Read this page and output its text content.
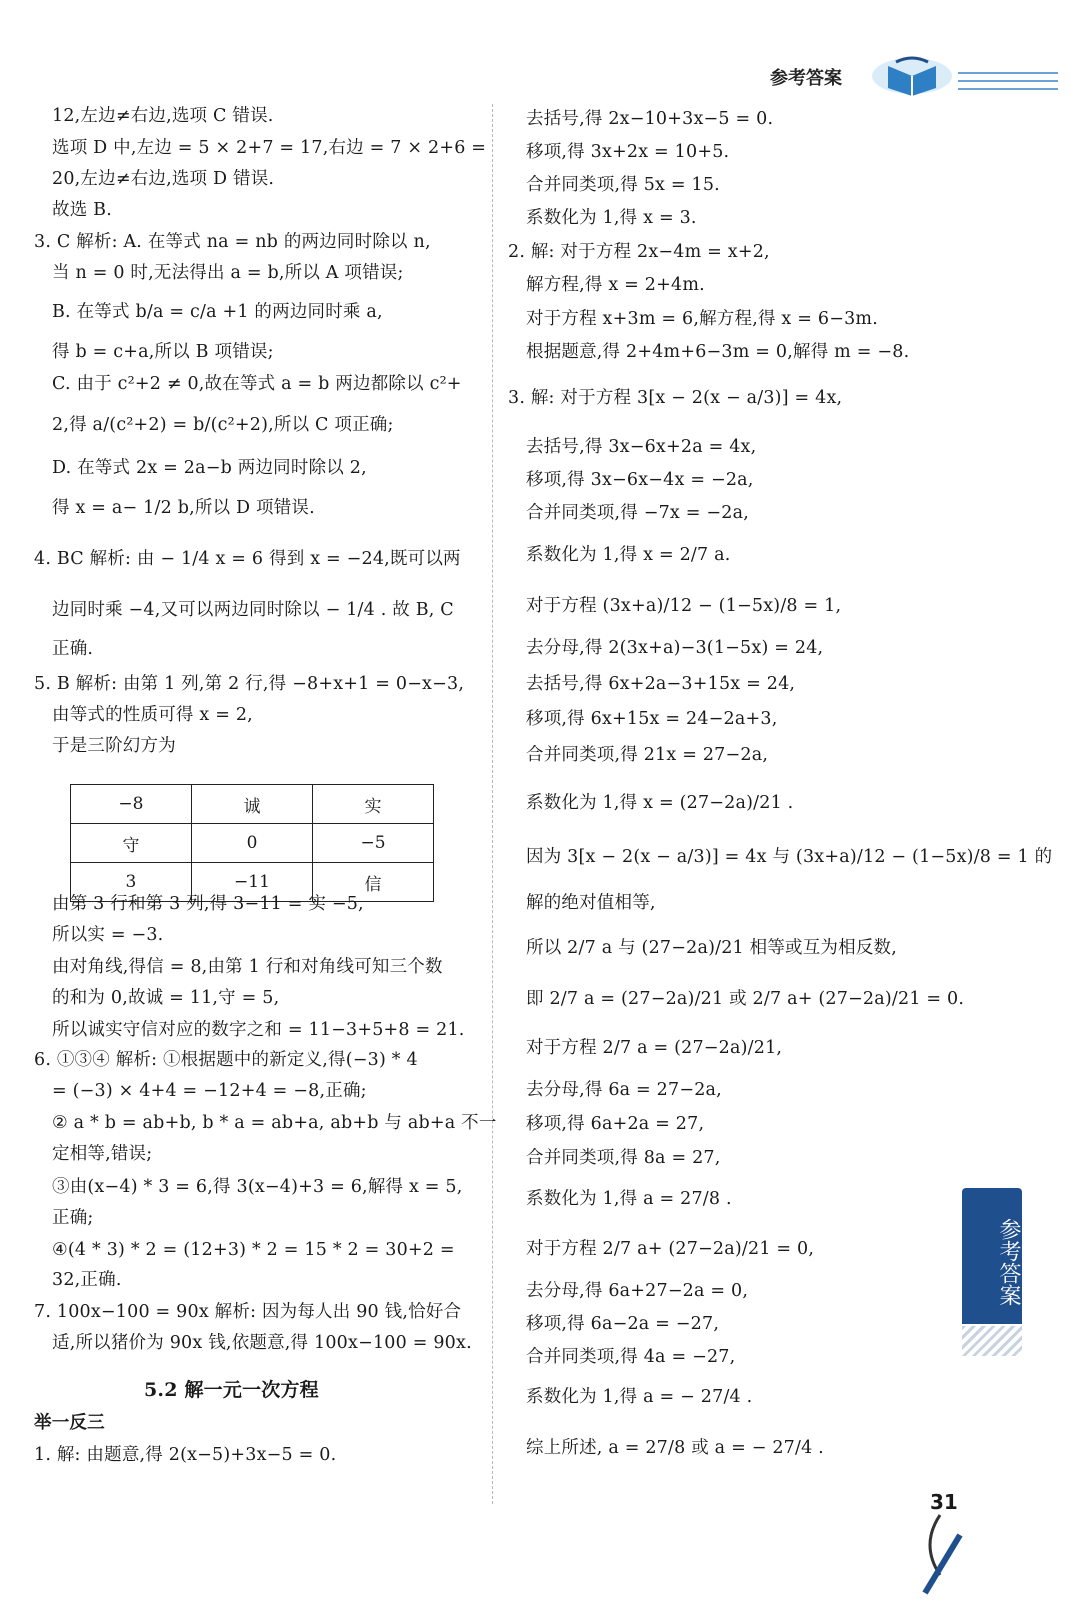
参考答案
12,左边≠右边,选项 C 错误.
选项 D 中,左边 = 5 × 2+7 = 17,右边 = 7 × 2+6 =
20,左边≠右边,选项 D 错误.
故选 B.
3. C 解析: A. 在等式 na = nb 的两边同时除以 n,
当 n = 0 时,无法得出 a = b,所以 A 项错误;
B. 在等式 b/a = c/a +1 的两边同时乘 a,
得 b = c+a,所以 B 项错误;
C. 由于 c²+2 ≠ 0,故在等式 a = b 两边都除以 c²+
2,得 a/(c²+2) = b/(c²+2),所以 C 项正确;
D. 在等式 2x = 2a−b 两边同时除以 2,
得 x = a− 1/2 b,所以 D 项错误.
4. BC 解析: 由 − 1/4 x = 6 得到 x = −24,既可以两
边同时乘 −4,又可以两边同时除以 − 1/4 . 故 B, C
正确.
5. B 解析: 由第 1 列,第 2 行,得 −8+x+1 = 0−x−3,
由等式的性质可得 x = 2,
于是三阶幻方为
−8	诚	实
守	0	−5
3	−11	信
由第 3 行和第 3 列,得 3−11 = 实 −5,
所以实 = −3.
由对角线,得信 = 8,由第 1 行和对角线可知三个数
的和为 0,故诚 = 11,守 = 5,
所以诚实守信对应的数字之和 = 11−3+5+8 = 21.
6. ①③④ 解析: ①根据题中的新定义,得(−3) * 4
= (−3) × 4+4 = −12+4 = −8,正确;
② a * b = ab+b, b * a = ab+a, ab+b 与 ab+a 不一
定相等,错误;
③由(x−4) * 3 = 6,得 3(x−4)+3 = 6,解得 x = 5,
正确;
④(4 * 3) * 2 = (12+3) * 2 = 15 * 2 = 30+2 =
32,正确.
7. 100x−100 = 90x 解析: 因为每人出 90 钱,恰好合
适,所以猪价为 90x 钱,依题意,得 100x−100 = 90x.
5.2 解一元一次方程
举一反三
1. 解: 由题意,得 2(x−5)+3x−5 = 0.
去括号,得 2x−10+3x−5 = 0.
移项,得 3x+2x = 10+5.
合并同类项,得 5x = 15.
系数化为 1,得 x = 3.
2. 解: 对于方程 2x−4m = x+2,
解方程,得 x = 2+4m.
对于方程 x+3m = 6,解方程,得 x = 6−3m.
根据题意,得 2+4m+6−3m = 0,解得 m = −8.
3. 解: 对于方程 3[x − 2(x − a/3)] = 4x,
去括号,得 3x−6x+2a = 4x,
移项,得 3x−6x−4x = −2a,
合并同类项,得 −7x = −2a,
系数化为 1,得 x = 2/7 a.
对于方程 (3x+a)/12 − (1−5x)/8 = 1,
去分母,得 2(3x+a)−3(1−5x) = 24,
去括号,得 6x+2a−3+15x = 24,
移项,得 6x+15x = 24−2a+3,
合并同类项,得 21x = 27−2a,
系数化为 1,得 x = (27−2a)/21 .
因为 3[x − 2(x − a/3)] = 4x 与 (3x+a)/12 − (1−5x)/8 = 1 的
解的绝对值相等,
所以 2/7 a 与 (27−2a)/21 相等或互为相反数,
即 2/7 a = (27−2a)/21 或 2/7 a+ (27−2a)/21 = 0.
对于方程 2/7 a = (27−2a)/21,
去分母,得 6a = 27−2a,
移项,得 6a+2a = 27,
合并同类项,得 8a = 27,
系数化为 1,得 a = 27/8 .
对于方程 2/7 a+ (27−2a)/21 = 0,
去分母,得 6a+27−2a = 0,
移项,得 6a−2a = −27,
合并同类项,得 4a = −27,
系数化为 1,得 a = − 27/4 .
综上所述, a = 27/8 或 a = − 27/4 .
参考答案
31
